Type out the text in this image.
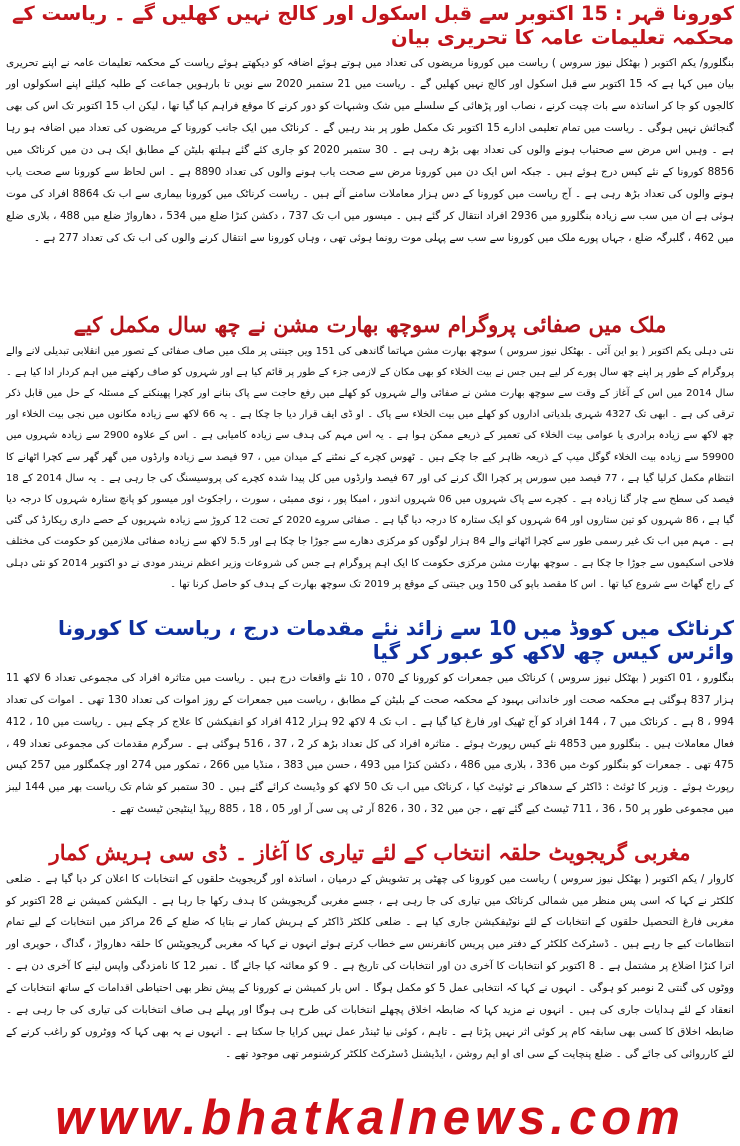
کورونا قہر : 15 اکتوبر سے قبل اسکول اور کالج نہیں کھلیں گے ۔ ریاست کے محکمہ تعلیمات عامہ کا تحریری بیان

بنگلورو/ یکم اکتوبر ( بھٹکل نیوز سروس ) ریاست میں کورونا مریضوں کی تعداد میں ہوتے ہوئے اضافہ کو دیکھتے ہوئے ریاست کے محکمہ تعلیمات عامہ نے اپنے تحریری بیان میں کہا ہے کہ 15 اکتوبر سے قبل اسکول اور کالج نہیں کھلیں گے ۔ ریاست میں 21 ستمبر 2020 سے نویں تا بارہویں جماعت کے طلبہ کیلئے اپنے اسکولوں اور کالجوں کو جا کر اساتذہ سے بات چیت کرنے ، نصاب اور پڑھائی کے سلسلے میں شک وشبہات کو دور کرنے کا موقع فراہم کیا گیا تھا ، لیکن اب 15 اکتوبر تک اس کی بھی گنجائش نہیں ہوگی ۔ ریاست میں تمام تعلیمی ادارے 15 اکتوبر تک مکمل طور پر بند رہیں گے ۔ کرناٹک میں ایک جانب کورونا کے مریضوں کی تعداد میں اضافہ ہو رہا ہے ۔ وہیں اس مرض سے صحتیاب ہونے والوں کی تعداد بھی بڑھ رہی ہے ۔ 30 ستمبر 2020 کو جاری کئے گئے ہیلتھ بلیٹن کے مطابق ایک ہی دن میں کرناٹک میں 8856 کورونا کے نئے کیس درج ہوئے ہیں ۔ جبکہ اس ایک دن میں کورونا مرض سے صحت یاب ہونے والوں کی تعداد 8890 ہے ۔ اس لحاظ سے کورونا سے صحت یاب ہونے والوں کی تعداد بڑھ رہی ہے ۔ آج ریاست میں کورونا کے دس ہزار معاملات سامنے آئے ہیں ۔ ریاست کرناٹک میں کورونا بیماری سے اب تک 8864 افراد کی موت ہوئی ہے ان میں سب سے زیادہ بنگلورو میں 2936 افراد انتقال کر گئے ہیں ۔ میسور میں اب تک 737 ، دکشن کنڑا ضلع میں 534 ، دھارواڑ ضلع میں 488 ، بلاری ضلع میں 462 ، گلبرگہ ضلع ، جہاں پورے ملک میں کورونا سے سب سے پہلی موت رونما ہوئی تھی ، وہاں کورونا سے انتقال کرنے والوں کی اب تک کی تعداد 277 ہے ۔

ملک میں صفائی پروگرام سوچھ بھارت مشن نے چھ سال مکمل کیے

نئی دہلی یکم اکتوبر ( یو این آئی ۔ بھٹکل نیوز سروس ) سوچھ بھارت مشن مہاتما گاندھی کی 151 ویں جینتی پر ملک میں صاف صفائی کے تصور میں انقلابی تبدیلی لانے والے پروگرام کے طور پر اپنے چھ سال پورے کر لیے ہیں جس نے بیت الخلاء کو بھی مکان کے لازمی جزء کے طور پر قائم کیا ہے اور شہروں کو صاف رکھنے میں اہم کردار ادا کیا ہے ۔ سال 2014 میں اس کے آغاز کے وقت سے سوچھ بھارت مشن نے صفائی والے شہروں کو کھلے میں رفع حاجت سے پاک بنانے اور کچرا پھینکنے کے مسئلہ کے حل میں قابل ذکر ترقی کی ہے ۔ ابھی تک 4327 شہری بلدیاتی اداروں کو کھلے میں بیت الخلاء سے پاک ۔ او ڈی ایف قرار دیا جا چکا ہے ۔ یہ 66 لاکھ سے زیادہ مکانوں میں نجی بیت الخلاء اور چھ لاکھ سے زیادہ برادری یا عوامی بیت الخلاء کی تعمیر کے ذریعے ممکن ہوا ہے ۔ یہ اس مہم کی ہدف سے زیادہ کامیابی ہے ۔ اس کے علاوہ 2900 سے زیادہ شہروں میں 59900 سے زیادہ بیت الخلاء گوگل میپ کے ذریعہ ظاہر کیے جا چکے ہیں ۔ ٹھوس کچرے کے نمٹنے کے میدان میں ، 97 فیصد سے زیادہ وارڈوں میں گھر گھر سے کچرا اٹھانے کا انتظام مکمل کرلیا گیا ہے ، 77 فیصد میں سورس پر کچرا الگ کرنے کی اور 67 فیصد وارڈوں میں کل پیدا شدہ کچرے کی پروسیسنگ کی جا رہی ہے ۔ یہ سال 2014 کے 18 فیصد کی سطح سے چار گنا زیادہ ہے ۔ کچرے سے پاک شہروں میں 06 شہروں اندور ، امبکا پور ، نوی ممبئی ، سورت ، راجکوٹ اور میسور کو پانچ ستارہ شہروں کا درجہ دیا گیا ہے ، 86 شہروں کو تین ستاروں اور 64 شہروں کو ایک ستارہ کا درجہ دیا گیا ہے ۔ صفائی سروے 2020 کے تحت 12 کروڑ سے زیادہ شہریوں کے حصے داری ریکارڈ کی گئی ہے ۔ مہم میں اب تک غیر رسمی طور سے کچرا اٹھانے والے 84 ہزار لوگوں کو مرکزی دھارے سے جوڑا جا چکا ہے اور 5.5 لاکھ سے زیادہ صفائی ملازمین کو حکومت کی مختلف فلاحی اسکیموں سے جوڑا جا چکا ہے ۔ سوچھ بھارت مشن مرکزی حکومت کا ایک اہم پروگرام ہے جس کی شروعات وزیر اعظم نریندر مودی نے دو اکتوبر 2014 کو نئی دہلی کے راج گھاٹ سے شروع کیا تھا ۔ اس کا مقصد باپو کی 150 ویں جینتی کے موقع پر 2019 تک سوچھ بھارت کے ہدف کو حاصل کرنا تھا ۔

کرناٹک میں کووڈ میں 10 سے زائد نئے مقدمات درج ، ریاست کا کورونا وائرس کیس چھ لاکھ کو عبور کر گیا

بنگلورو ، 01 اکتوبر ( بھٹکل نیوز سروس ) کرناٹک میں جمعرات کو کورونا کے 070 ، 10 نئے واقعات درج ہیں ۔ ریاست میں متاثرہ افراد کی مجموعی تعداد 6 لاکھ 11 ہزار 837 ہوگئی ہے محکمہ صحت اور خاندانی بہبود کے محکمہ صحت کے بلیٹن کے مطابق ، ریاست میں جمعرات کے روز اموات کی تعداد 130 تھی ۔ اموات کی تعداد 994 ، 8 ہے ۔ کرناٹک میں 7 ، 144 افراد کو آج ٹھیک اور فارغ کیا گیا ہے ۔ اب تک 4 لاکھ 92 ہزار 412 افراد کو انفیکشن کا علاج کر چکے ہیں ۔ ریاست میں 10 ، 412 فعال معاملات ہیں ۔ بنگلورو میں 4853 نئے کیس رپورٹ ہوئے ۔ متاثرہ افراد کی کل تعداد بڑھ کر 2 ، 37 ، 516 ہوگئی ہے ۔ سرگرم مقدمات کی مجموعی تعداد 49 ، 475 تھی ۔ جمعرات کو بنگلور کوٹ میں 336 ، بلاری میں 486 ، دکشن کنڑا میں 493 ، حسن میں 383 ، منڈیا میں 266 ، تمکور میں 274 اور چکمگلور میں 257 کیس رپورٹ ہوئے ۔ وزیر کا ٹوئٹ : ڈاکٹر کے سدھاکر نے ٹوئیٹ کیا ، کرناٹک میں اب تک 50 لاکھ کو وڈیسٹ کرائے گئے ہیں ۔ 30 ستمبر کو شام تک ریاست بھر میں 144 لیبز میں مجموعی طور پر 50 ، 36 ، 711 ٹیسٹ کیے گئے تھے ، جن میں 32 ، 30 ، 826 آر ٹی پی سی آر اور 05 ، 18 ، 885 ریپڈ اینٹیجن ٹیسٹ تھے ۔

مغربی گریجویٹ حلقہ انتخاب کے لئے تیاری کا آغاز ۔ ڈی سی ہریش کمار

کاروار / یکم اکتوبر ( بھٹکل نیوز سروس ) ریاست میں کورونا کی چھٹی پر تشویش کے درمیان ، اساتذہ اور گریجویٹ حلقوں کے انتخابات کا اعلان کر دیا گیا ہے ۔ ضلعی کلکٹر نے کہا کہ اسی پس منظر میں شمالی کرناٹک میں تیاری کی جا رہی ہے ، جسے مغربی گریجویشن کا ہدف رکھا جا رہا ہے ۔ الیکشن کمیشن نے 28 اکتوبر کو مغربی فارغ التحصیل حلقوں کے انتخابات کے لئے نوٹیفکیشن جاری کیا ہے ۔ ضلعی کلکٹر ڈاکٹر کے ہریش کمار نے بتایا کہ ضلع کے 26 مراکز میں انتخابات کے لیے تمام انتظامات کیے جا رہے ہیں ۔ ڈسٹرکٹ کلکٹر کے دفتر میں پریس کانفرنس سے خطاب کرتے ہوئے انہوں نے کہا کہ مغربی گریجویٹس کا حلقہ دھارواڑ ، گداگ ، حویری اور اترا کنڑا اضلاع پر مشتمل ہے ۔ 8 اکتوبر کو انتخابات کا آخری دن اور انتخابات کی تاریخ ہے ۔ 9 کو معائنہ کیا جائے گا ۔ نمبر 12 کا نامزدگی واپس لینے کا آخری دن ہے ۔ ووٹوں کی گنتی 2 نومبر کو ہوگی ۔ انہوں نے کہا کہ انتخابی عمل 5 کو مکمل ہوگا ۔ اس بار کمیشن نے کورونا کے پیش نظر بھی احتیاطی اقدامات کے ساتھ انتخابات کے انعقاد کے لئے ہدایات جاری کی ہیں ۔ انہوں نے مزید کہا کہ ضابطہ اخلاق پچھلے انتخابات کی طرح ہی ہوگا اور پہلے ہی صاف انتخابات کی تیاری کی جا رہی ہے ۔ ضابطہ اخلاق کا کسی بھی سابقہ کام پر کوئی اثر نہیں پڑتا ہے ۔ تاہم ، کوئی نیا ٹینڈر عمل نہیں کرایا جا سکتا ہے ۔ انہوں نے یہ بھی کہا کہ ووٹروں کو راغب کرنے کے لئے کارروائی کی جائے گی ۔ ضلع پنچایت کے سی ای او ایم روشن ، ایڈیشنل ڈسٹرکٹ کلکٹر کرشنومر تھی موجود تھے ۔

www.bhatkalnews.com
